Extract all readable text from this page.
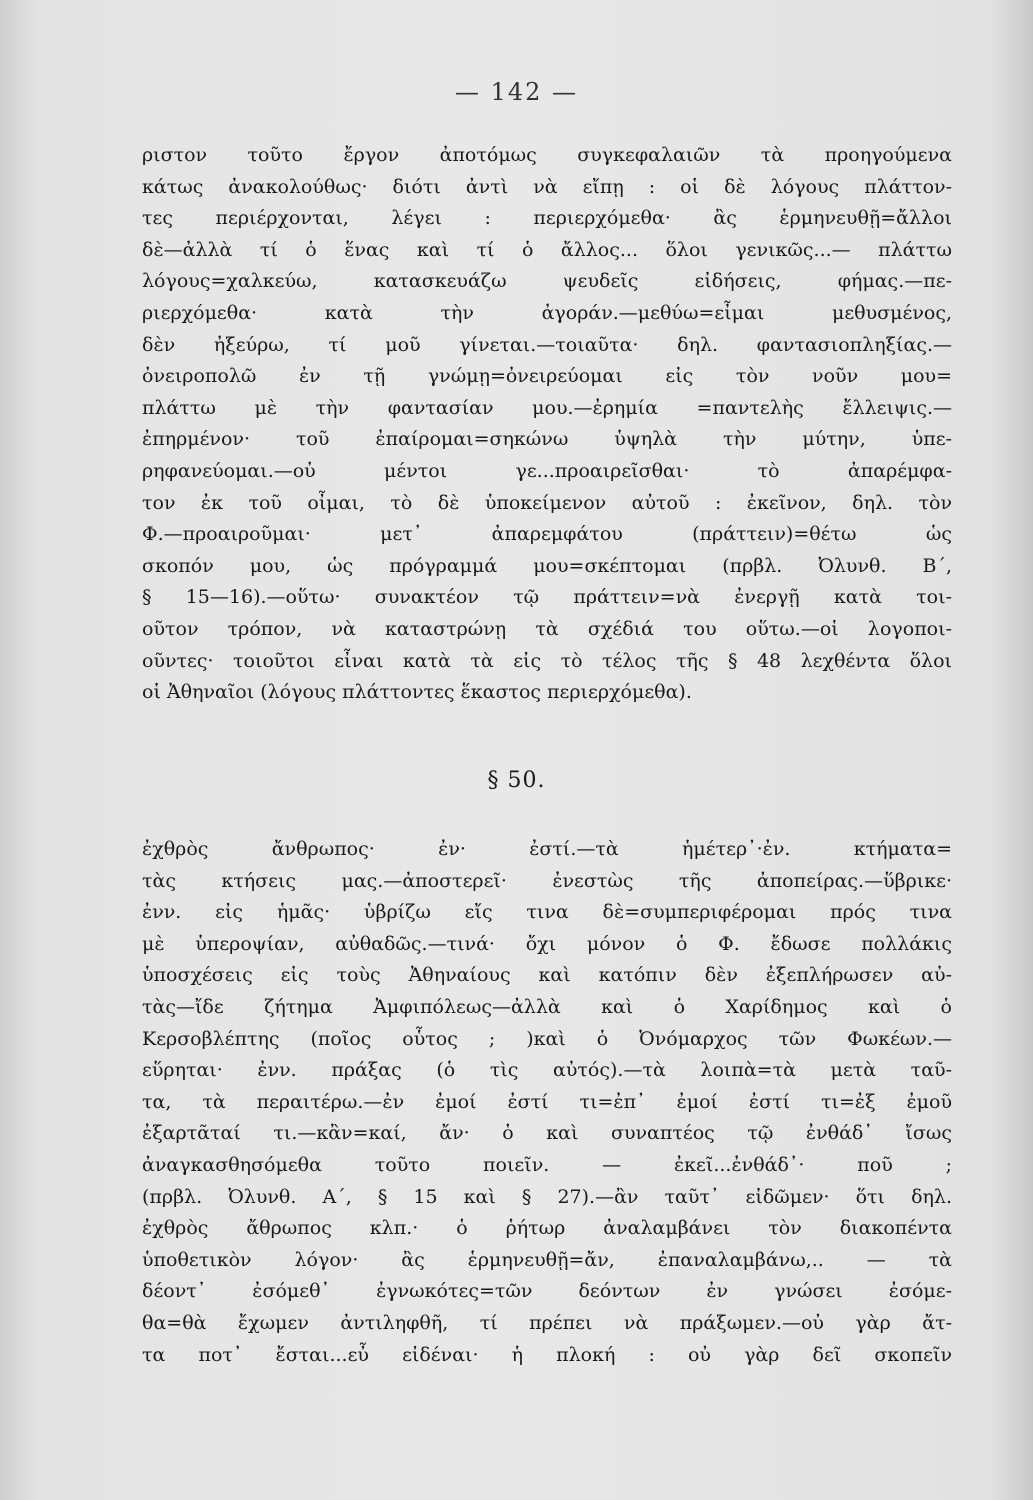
— 142 —
ριστον τοῦτο ἔργον ἀποτόμως συγκεφαλαιῶν τὰ προηγούμενα
κάτως ἀνακολούθως· διότι ἀντὶ νὰ εἴπῃ : οἱ δὲ λόγους πλάττον-
τες περιέρχονται, λέγει : περιερχόμεθα· ἂς ἑρμηνευθῇ=ἄλλοι
δὲ—ἀλλὰ τί ὁ ἕνας καὶ τί ὁ ἄλλος... ὅλοι γενικῶς...— πλάττω
λόγους=χαλκεύω, κατασκευάζω ψευδεῖς εἰδήσεις, φήμας.—πε-
ριερχόμεθα· κατὰ τὴν ἀγοράν.—μεθύω=εἶμαι μεθυσμένος,
δὲν ἠξεύρω, τί μοῦ γίνεται.—τοιαῦτα· δηλ. φαντασιοπληξίας.—
ὀνειροπολῶ ἐν τῇ γνώμῃ=ὀνειρεύομαι εἰς τὸν νοῦν μου=
πλάττω μὲ τὴν φαντασίαν μου.—ἐρημία =παντελὴς ἔλλειψις.—
ἐπηρμένον· τοῦ ἐπαίρομαι=σηκώνω ὑψηλὰ τὴν μύτην, ὑπε-
ρηφανεύομαι.—οὐ μέντοι γε...προαιρεῖσθαι· τὸ ἀπαρέμφα-
τον ἐκ τοῦ οἶμαι, τὸ δὲ ὑποκείμενον αὐτοῦ : ἐκεῖνον, δηλ. τὸν
Φ.—προαιροῦμαι· μετ᾽ ἀπαρεμφάτου (πράττειν)=θέτω ὡς
σκοπόν μου, ὡς πρόγραμμά μου=σκέπτομαι (πρβλ. Ὀλυνθ. Β΄,
§ 15—16).—οὕτω· συνακτέον τῷ πράττειν=νὰ ἐνεργῇ κατὰ τοι-
οῦτον τρόπον, νὰ καταστρώνῃ τὰ σχέδιά του οὕτω.—οἱ λογοποι-
οῦντες· τοιοῦτοι εἶναι κατὰ τὰ εἰς τὸ τέλος τῆς § 48 λεχθέντα ὅλοι
οἱ Ἀθηναῖοι (λόγους πλάττοντες ἕκαστος περιερχόμεθα).
§ 50.
ἐχθρὸς ἄνθρωπος· ἐν· ἐστί.—τὰ ἡμέτερ᾽·ἐν. κτήματα=
τὰς κτήσεις μας.—ἀποστερεῖ· ἐνεστὼς τῆς ἀποπείρας.—ὕβρικε·
ἐνν. εἰς ἡμᾶς· ὑβρίζω εἴς τινα δὲ=συμπεριφέρομαι πρός τινα
μὲ ὑπεροψίαν, αὐθαδῶς.—τινά· ὄχι μόνον ὁ Φ. ἔδωσε πολλάκις
ὑποσχέσεις εἰς τοὺς Ἀθηναίους καὶ κατόπιν δὲν ἐξεπλήρωσεν αὐ-
τὰς—ἴδε ζήτημα Ἀμφιπόλεως—ἀλλὰ καὶ ὁ Χαρίδημος καὶ ὁ
Κερσοβλέπτης (ποῖος οὗτος ; )καὶ ὁ Ὀνόμαρχος τῶν Φωκέων.—
εὕρηται· ἐνν. πράξας (ὁ τὶς αὐτός).—τὰ λοιπὰ=τὰ μετὰ ταῦ-
τα, τὰ περαιτέρω.—ἐν ἐμοί ἐστί τι=ἐπ᾽ ἐμοί ἐστί τι=ἐξ ἐμοῦ
ἐξαρτᾶταί τι.—κἂν=καί, ἄν· ὁ καὶ συναπτέος τῷ ἐνθάδ᾽ ἴσως
ἀναγκασθησόμεθα τοῦτο ποιεῖν. — ἐκεῖ...ἐνθάδ᾽· ποῦ ;
(πρβλ. Ὀλυνθ. Α΄, § 15 καὶ § 27).—ἂν ταῦτ᾽ εἰδῶμεν· ὅτι δηλ.
ἐχθρὸς ἄθρωπος κλπ.· ὁ ῥήτωρ ἀναλαμβάνει τὸν διακοπέντα
ὑποθετικὸν λόγον· ἂς ἑρμηνευθῇ=ἄν, ἐπαναλαμβάνω,.. — τὰ
δέοντ᾽ ἐσόμεθ᾽ ἐγνωκότες=τῶν δεόντων ἐν γνώσει ἐσόμε-
θα=θὰ ἔχωμεν ἀντιληφθῆ, τί πρέπει νὰ πράξωμεν.—οὐ γὰρ ἄτ-
τα ποτ᾽ ἔσται...εὖ εἰδέναι· ἡ πλοκή : οὐ γὰρ δεῖ σκοπεῖν
